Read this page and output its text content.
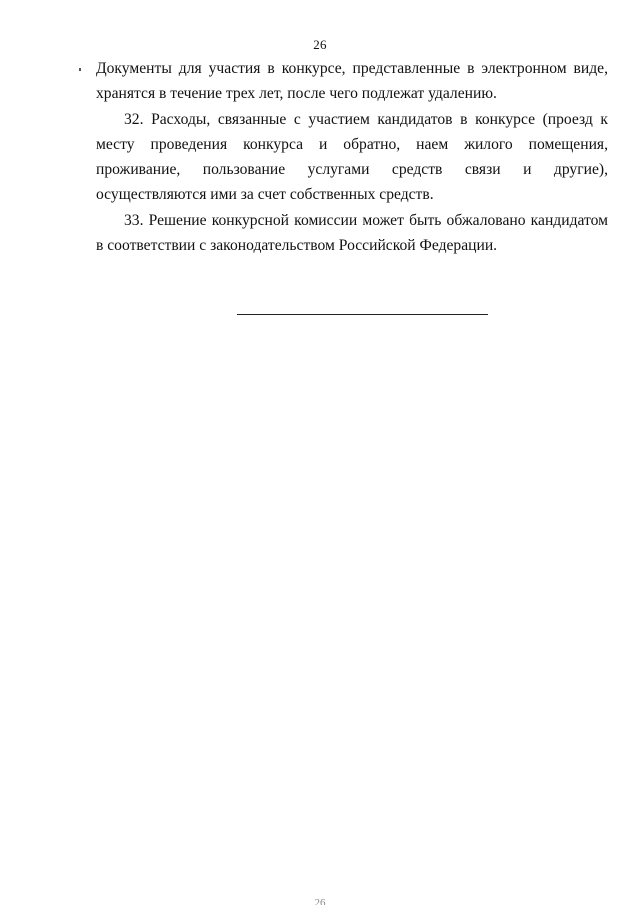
26

Документы для участия в конкурсе, представленные в электронном виде, хранятся в течение трех лет, после чего подлежат удалению.

32. Расходы, связанные с участием кандидатов в конкурсе (проезд к месту проведения конкурса и обратно, наем жилого помещения, проживание, пользование услугами средств связи и другие), осуществляются ими за счет собственных средств.

33. Решение конкурсной комиссии может быть обжаловано кандидатом в соответствии с законодательством Российской Федерации.

26
